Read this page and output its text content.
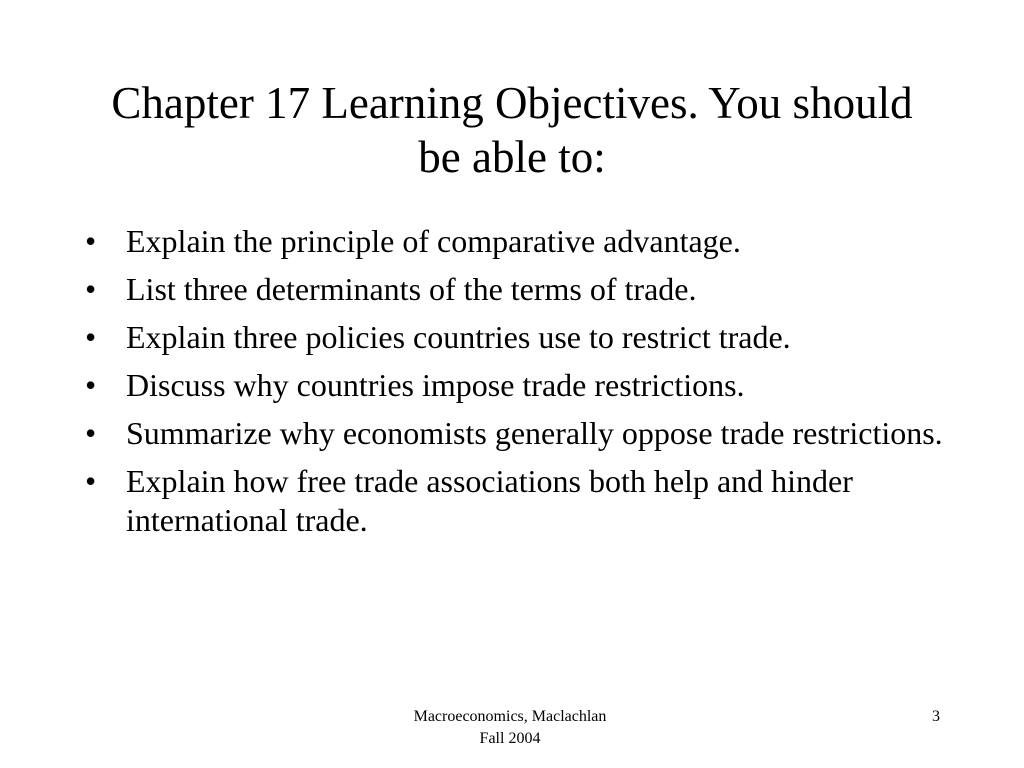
Chapter 17 Learning Objectives. You should be able to:
• Explain the principle of comparative advantage.
• List three determinants of the terms of trade.
• Explain three policies countries use to restrict trade.
• Discuss why countries impose trade restrictions.
• Summarize why economists generally oppose trade restrictions.
• Explain how free trade associations both help and hinder international trade.
Macroeconomics, Maclachlan
Fall 2004
3
